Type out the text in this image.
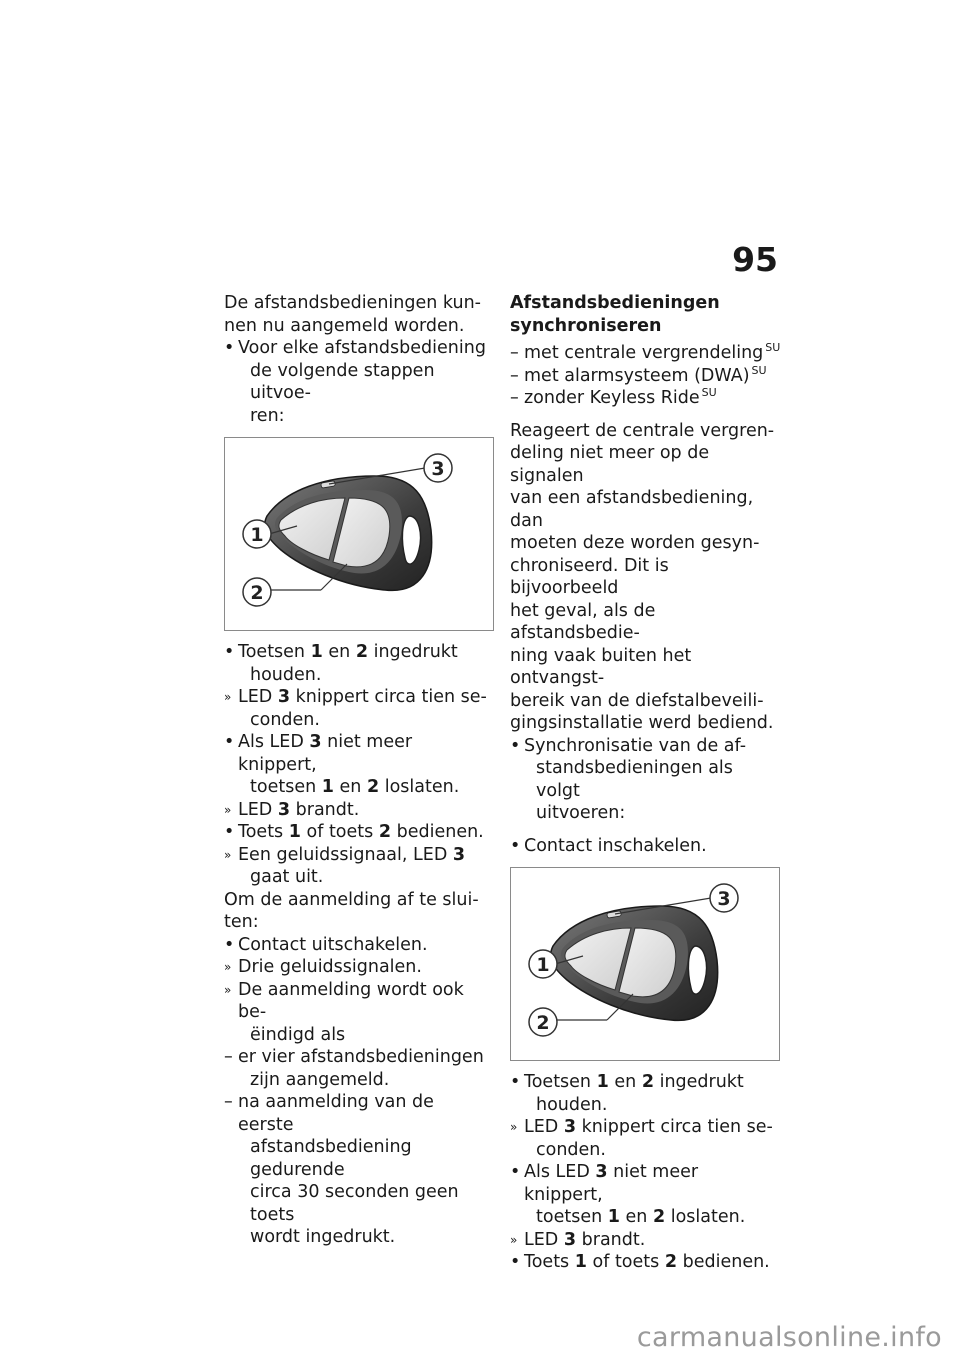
95

De afstandsbedieningen kun-
nen nu aangemeld worden.

•
Voor elke afstandsbediening
de volgende stappen uitvoe-
ren:
3
1
2
•
Toetsen 1 en 2 ingedrukt
houden.
»
LED 3 knippert circa tien se-
conden.
•
Als LED 3 niet meer knippert,
toetsen 1 en 2 loslaten.
»
LED 3 brandt.
•
Toets 1 of toets 2 bedienen.
»
Een geluidssignaal, LED 3
gaat uit.

Om de aanmelding af te slui-
ten:

•
Contact uitschakelen.
»
Drie geluidssignalen.
»
De aanmelding wordt ook be-
ëindigd als
–
er vier afstandsbedieningen
zijn aangemeld.
–
na aanmelding van de eerste
afstandsbediening gedurende
circa 30 seconden geen toets
wordt ingedrukt.
Afstandsbedieningen
synchroniseren
–
met centrale vergrendeling $^{SU}$
–
met alarmsysteem (DWA) $^{SU}$
–
zonder Keyless Ride $^{SU}$

Reageert de centrale vergren-
deling niet meer op de signalen
van een afstandsbediening, dan
moeten deze worden gesyn-
chroniseerd. Dit is bijvoorbeeld
het geval, als de afstandsbedie-
ning vaak buiten het ontvangst-
bereik van de diefstalbeveili-
gingsinstallatie werd bediend.

•
Synchronisatie van de af-
standsbedieningen als volgt
uitvoeren:
•
Contact inschakelen.
3
1
2
•
Toetsen 1 en 2 ingedrukt
houden.
»
LED 3 knippert circa tien se-
conden.
•
Als LED 3 niet meer knippert,
toetsen 1 en 2 loslaten.
»
LED 3 brandt.
•
Toets 1 of toets 2 bedienen.
carmanualsonline.info
